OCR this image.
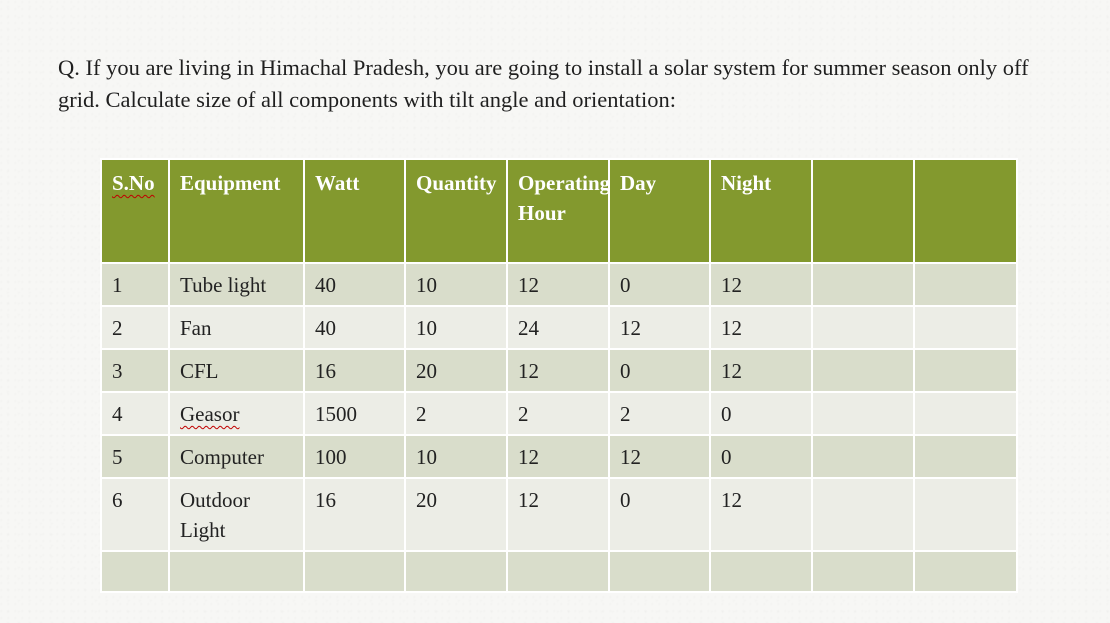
Q. If you are living in Himachal Pradesh, you are going to install a solar system for summer season only off grid. Calculate size of all components with tilt angle and orientation:

S.No	Equipment	Watt	Quantity	Operating Hour	Day	Night		
1	Tube light	40	10	12	0	12		
2	Fan	40	10	24	12	12		
3	CFL	16	20	12	0	12		
4	Geasor	1500	2	2	2	0		
5	Computer	100	10	12	12	0		
6	Outdoor Light	16	20	12	0	12		
